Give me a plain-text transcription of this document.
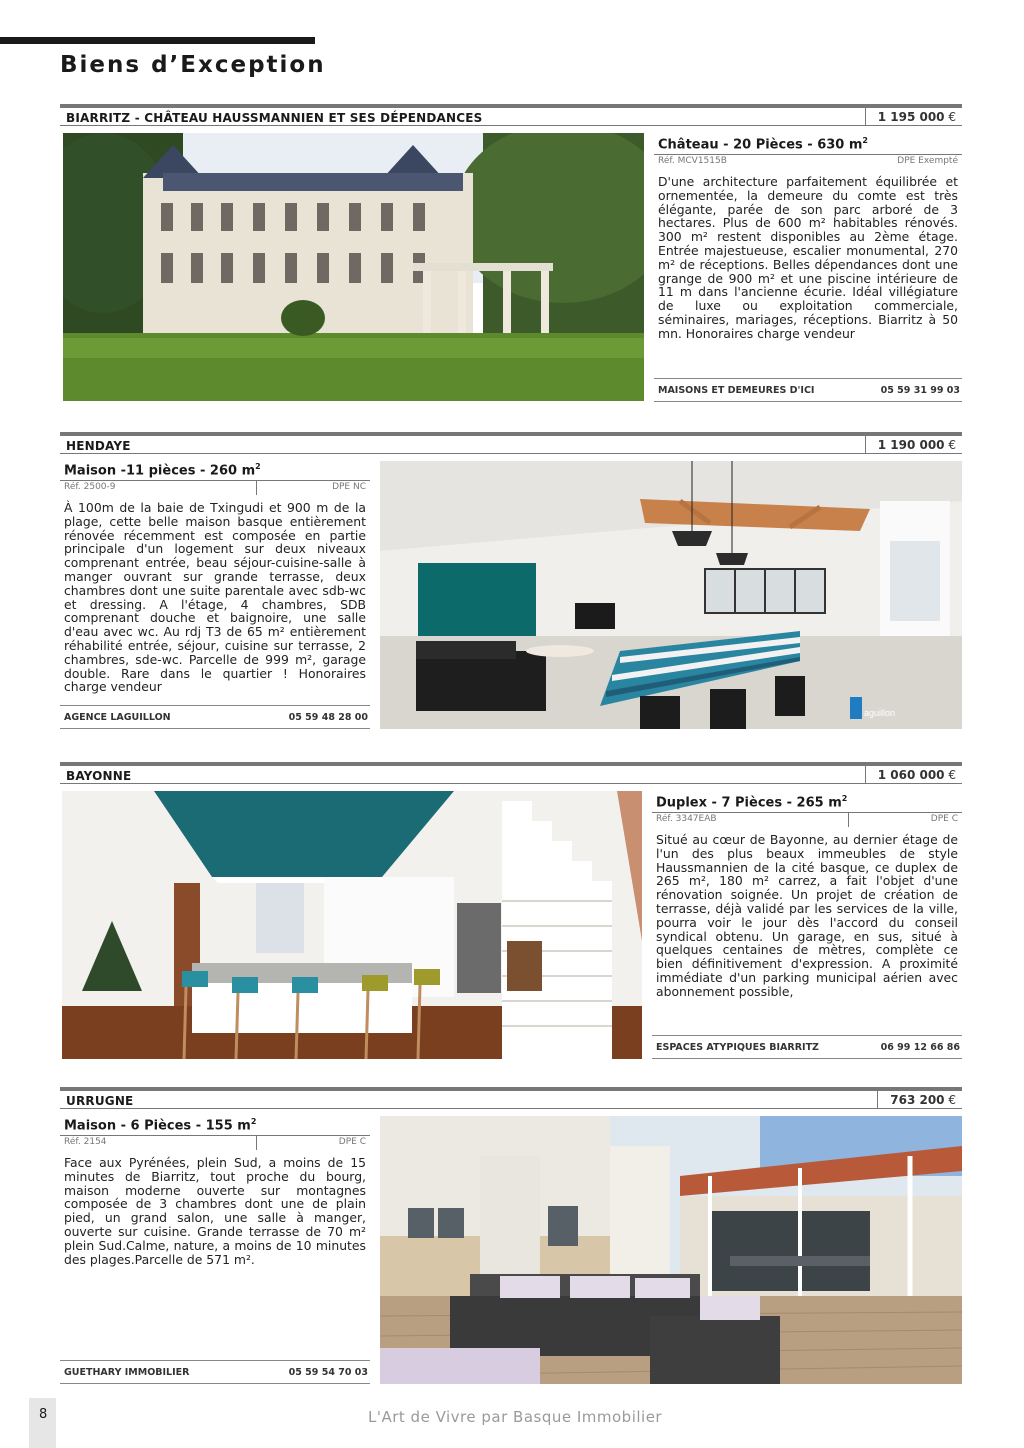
Biens d’Exception
BIARRITZ - CHÂTEAU HAUSSMANNIEN ET SES DÉPENDANCES	1 195 000 €
Château - 20 Pièces - 630 $m^2$
Réf. MCV1515B	DPE Exempté

D'une architecture parfaitement équilibrée et ornementée, la demeure du comte est très élégante, parée de son parc arboré de 3 hectares. Plus de 600 m² habitables rénovés. 300 m² restent disponibles au 2ème étage. Entrée majestueuse, escalier monumental, 270 m² de réceptions. Belles dépendances dont une grange de 900 m² et une piscine intérieure de 11 m dans l'ancienne écurie. Idéal villégiature de luxe ou exploitation commerciale, séminaires, mariages, réceptions. Biarritz à 50 mn. Honoraires charge vendeur

MAISONS ET DEMEURES D'ICI	05 59 31 99 03
HENDAYE	1 190 000 €
Maison -11 pièces - 260 $m^2$
Réf. 2500-9	DPE NC

À 100m de la baie de Txingudi et 900 m de la plage, cette belle maison basque entièrement rénovée récemment est composée en partie principale d'un logement sur deux niveaux comprenant entrée, beau séjour-cuisine-salle à manger ouvrant sur grande terrasse, deux chambres dont une suite parentale avec sdb-wc et dressing. A l'étage, 4 chambres, SDB comprenant douche et baignoire, une salle d'eau avec wc. Au rdj T3 de 65 m² entièrement réhabilité entrée, séjour, cuisine sur terrasse, 2 chambres, sde-wc. Parcelle de 999 m², garage double. Rare dans le quartier ! Honoraires charge vendeur

AGENCE LAGUILLON	05 59 48 28 00	aguillon
BAYONNE	1 060 000 €
Duplex - 7 Pièces - 265 $m^2$
Réf. 3347EAB	DPE C

Situé au cœur de Bayonne, au dernier étage de l'un des plus beaux immeubles de style Haussmannien de la cité basque, ce duplex de 265 m², 180 m² carrez, a fait l'objet d'une rénovation soignée. Un projet de création de terrasse, déjà validé par les services de la ville, pourra voir le jour dès l'accord du conseil syndical obtenu. Un garage, en sus, situé à quelques centaines de mètres, complète ce bien définitivement d'expression. A proximité immédiate d'un parking municipal aérien avec abonnement possible,

ESPACES ATYPIQUES BIARRITZ	06 99 12 66 86
URRUGNE	763 200 €
Maison - 6 Pièces - 155 $m^2$
Réf. 2154	DPE C

Face aux Pyrénées, plein Sud, a moins de 15 minutes de Biarritz, tout proche du bourg, maison moderne ouverte sur montagnes composée de 3 chambres dont une de plain pied, un grand salon, une salle à manger, ouverte sur cuisine. Grande terrasse de 70 m² plein Sud.Calme, nature, a moins de 10 minutes des plages.Parcelle de 571 m².

GUETHARY IMMOBILIER	05 59 54 70 03
8	L'Art de Vivre par Basque Immobilier
